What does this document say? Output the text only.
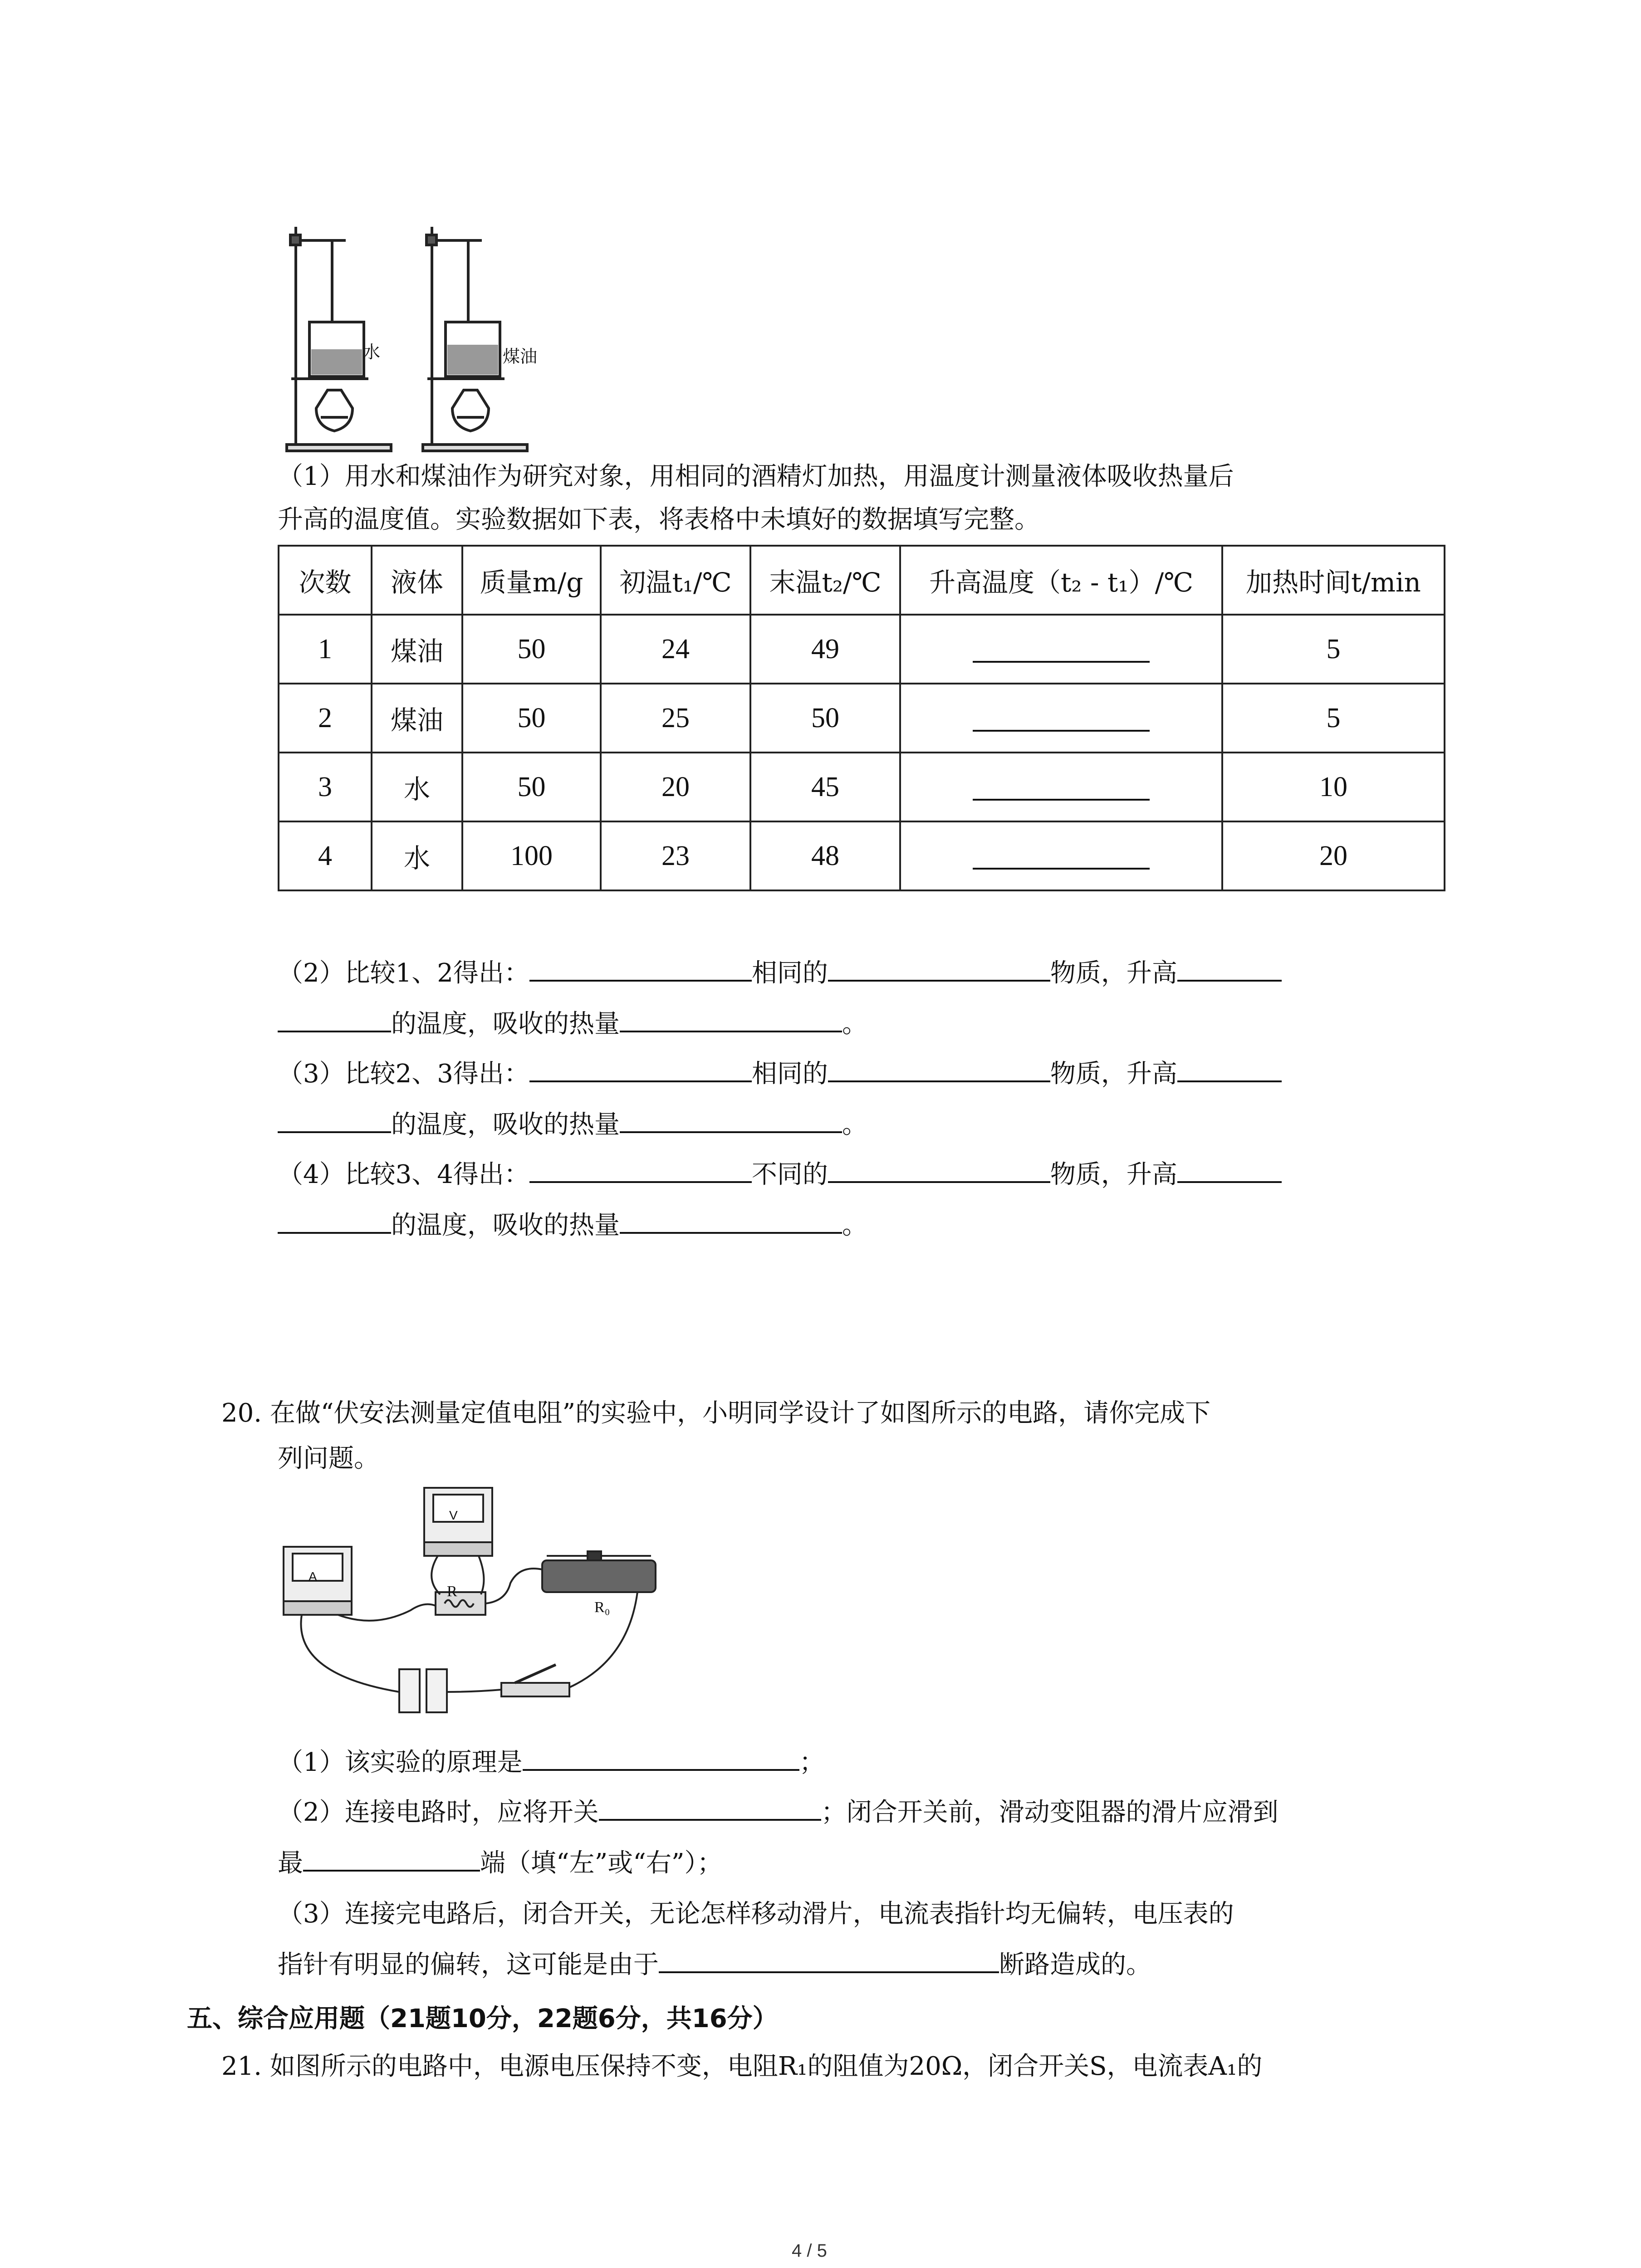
水	煤油
（1）用水和煤油作为研究对象，用相同的酒精灯加热，用温度计测量液体吸收热量后
升高的温度值。实验数据如下表，将表格中未填好的数据填写完整。
次数	液体	质量m/g	初温t₁/℃	末温t₂/℃	升高温度（t₂ - t₁）/℃	加热时间t/min
1	煤油	50	24	49		5
2	煤油	50	25	50		5
3	水	50	20	45		10
4	水	100	23	48		20
（2）比较1、2得出：	相同的	物质，升高
的温度，吸收的热量	。
（3）比较2、3得出：	相同的	物质，升高
的温度，吸收的热量	。
（4）比较3、4得出：	不同的	物质，升高
的温度，吸收的热量	。
20. 在做“伏安法测量定值电阻”的实验中，小明同学设计了如图所示的电路，请你完成下
列问题。
A
V
R
R₀
（1）该实验的原理是	；
（2）连接电路时，应将开关	；闭合开关前，滑动变阻器的滑片应滑到
最	端（填“左”或“右”）；
（3）连接完电路后，闭合开关，无论怎样移动滑片，电流表指针均无偏转，电压表的
指针有明显的偏转，这可能是由于	断路造成的。
五、综合应用题（21题10分，22题6分，共16分）
21. 如图所示的电路中，电源电压保持不变，电阻R₁的阻值为20Ω，闭合开关S，电流表A₁的
4 / 5
